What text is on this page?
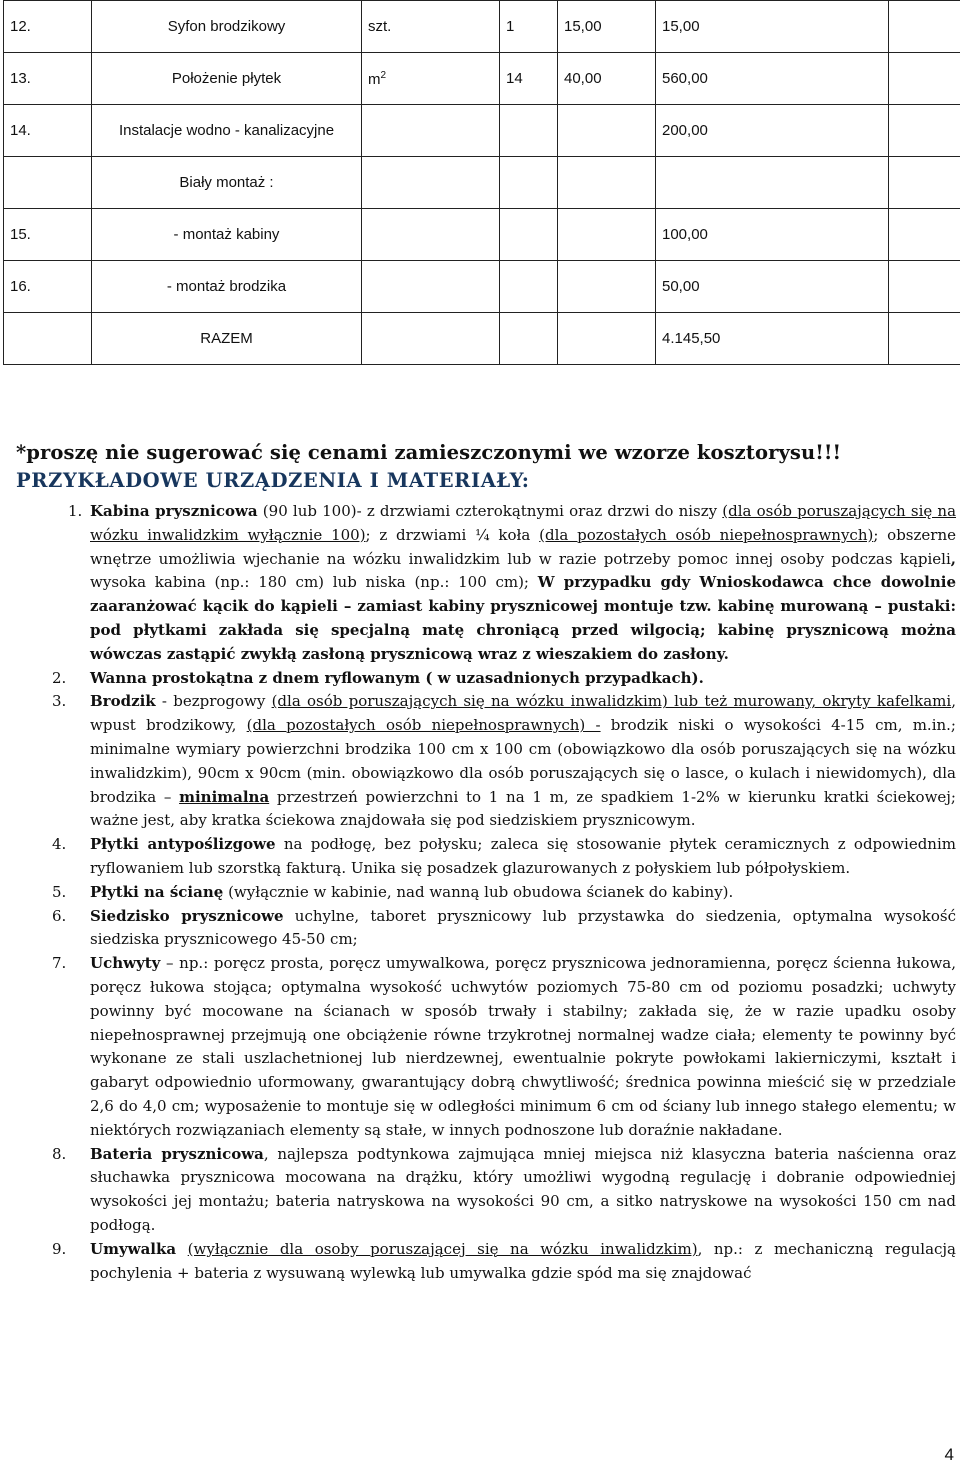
12.	Syfon brodzikowy	szt.	1	15,00	15,00	
13.	Położenie płytek	$m^2$	14	40,00	560,00	
14.	Instalacje wodno - kanalizacyjne				200,00	
	Biały montaż :					
15.	- montaż kabiny				100,00	
16.	- montaż brodzika				50,00	
	RAZEM				4.145,50	
*proszę nie sugerować się cenami zamieszczonymi we wzorze kosztorysu!!!
PRZYKŁADOWE URZĄDZENIA I MATERIAŁY:
1. Kabina prysznicowa (90 lub 100)- z drzwiami czterokątnymi oraz drzwi do niszy (dla osób poruszających się na wózku inwalidzkim wyłącznie 100); z drzwiami ¼ koła (dla pozostałych osób niepełnosprawnych); obszerne wnętrze umożliwia wjechanie na wózku inwalidzkim lub w razie potrzeby pomoc innej osoby podczas kąpieli, wysoka kabina (np.: 180 cm) lub niska (np.: 100 cm); W przypadku gdy Wnioskodawca chce dowolnie zaaranżować kącik do kąpieli – zamiast kabiny prysznicowej montuje tzw. kabinę murowaną – pustaki: pod płytkami zakłada się specjalną matę chroniącą przed wilgocią; kabinę prysznicową można wówczas zastąpić zwykłą zasłoną prysznicową wraz z wieszakiem do zasłony.
2. Wanna prostokątna z dnem ryflowanym ( w uzasadnionych przypadkach).
3. Brodzik - bezprogowy (dla osób poruszających się na wózku inwalidzkim) lub też murowany, okryty kafelkami, wpust brodzikowy, (dla pozostałych osób niepełnosprawnych) - brodzik niski o wysokości 4-15 cm, m.in.; minimalne wymiary powierzchni brodzika 100 cm x 100 cm (obowiązkowo dla osób poruszających się na wózku inwalidzkim), 90cm x 90cm (min. obowiązkowo dla osób poruszających się o lasce, o kulach i niewidomych), dla brodzika – minimalna przestrzeń powierzchni to 1 na 1 m, ze spadkiem 1-2% w kierunku kratki ściekowej; ważne jest, aby kratka ściekowa znajdowała się pod siedziskiem prysznicowym.
4. Płytki antypoślizgowe na podłogę, bez połysku; zaleca się stosowanie płytek ceramicznych z odpowiednim ryflowaniem lub szorstką fakturą. Unika się posadzek glazurowanych z połyskiem lub półpołyskiem.
5. Płytki na ścianę (wyłącznie w kabinie, nad wanną lub obudowa ścianek do kabiny).
6. Siedzisko prysznicowe uchylne, taboret prysznicowy lub przystawka do siedzenia, optymalna wysokość siedziska prysznicowego 45-50 cm;
7. Uchwyty – np.: poręcz prosta, poręcz umywalkowa, poręcz prysznicowa jednoramienna, poręcz ścienna łukowa, poręcz łukowa stojąca; optymalna wysokość uchwytów poziomych 75-80 cm od poziomu posadzki; uchwyty powinny być mocowane na ścianach w sposób trwały i stabilny; zakłada się, że w razie upadku osoby niepełnosprawnej przejmują one obciążenie równe trzykrotnej normalnej wadze ciała; elementy te powinny być wykonane ze stali uszlachetnionej lub nierdzewnej, ewentualnie pokryte powłokami lakierniczymi, kształt i gabaryt odpowiednio uformowany, gwarantujący dobrą chwytliwość; średnica powinna mieścić się w przedziale 2,6 do 4,0 cm; wyposażenie to montuje się w odległości minimum 6 cm od ściany lub innego stałego elementu; w niektórych rozwiązaniach elementy są stałe, w innych podnoszone lub doraźnie nakładane.
8. Bateria prysznicowa, najlepsza podtynkowa zajmująca mniej miejsca niż klasyczna bateria naścienna oraz słuchawka prysznicowa mocowana na drążku, który umożliwi wygodną regulację i dobranie odpowiedniej wysokości jej montażu; bateria natryskowa na wysokości 90 cm, a sitko natryskowe na wysokości 150 cm nad podłogą.
9. Umywalka (wyłącznie dla osoby poruszającej się na wózku inwalidzkim), np.: z mechaniczną regulacją pochylenia + bateria z wysuwaną wylewką lub umywalka gdzie spód ma się znajdować
4
